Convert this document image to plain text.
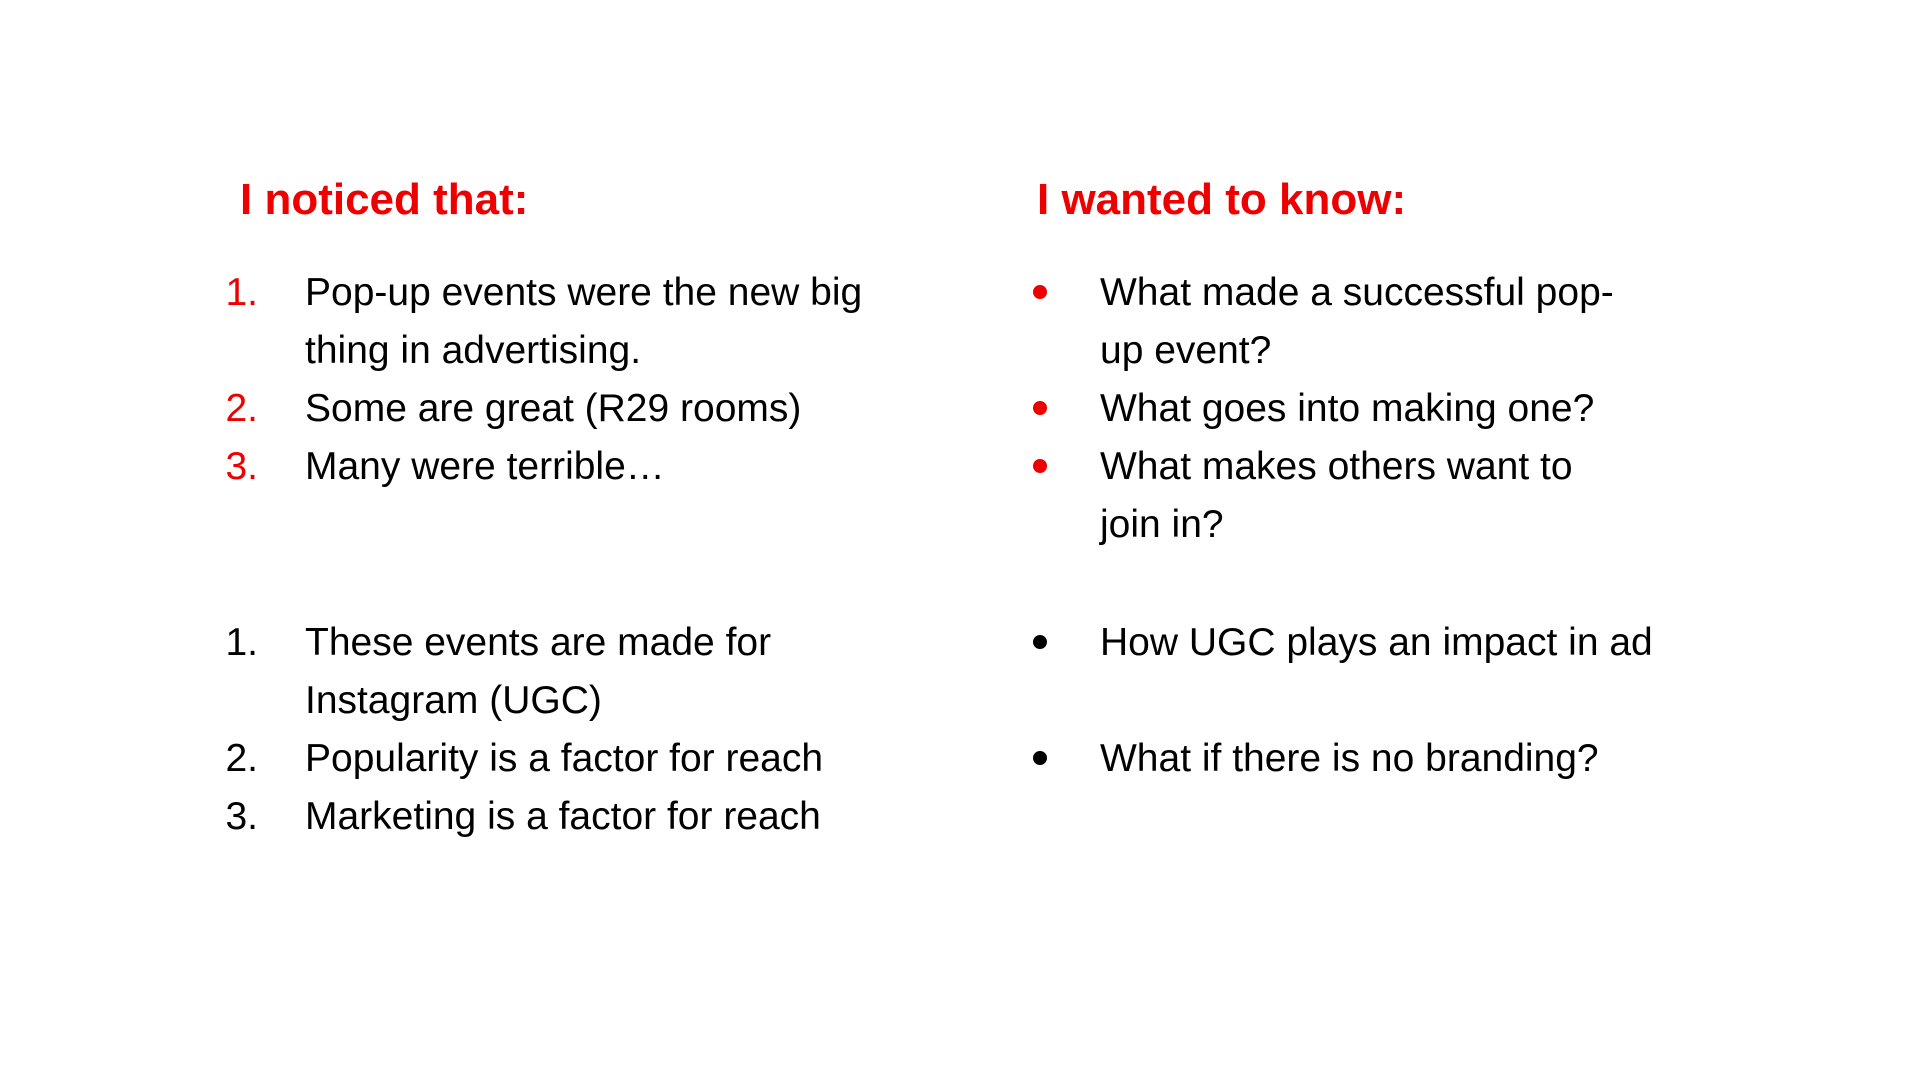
I noticed that:	I wanted to know:
1. Pop-up events were the new big thing in advertising.
2. Some are great (R29 rooms)
3. Many were terrible…
1. These events are made for Instagram (UGC)
2. Popularity is a factor for reach
3. Marketing is a factor for reach
What made a successful pop-up event?
What goes into making one?
What makes others want to join in?
How UGC plays an impact in ad
What if there is no branding?
